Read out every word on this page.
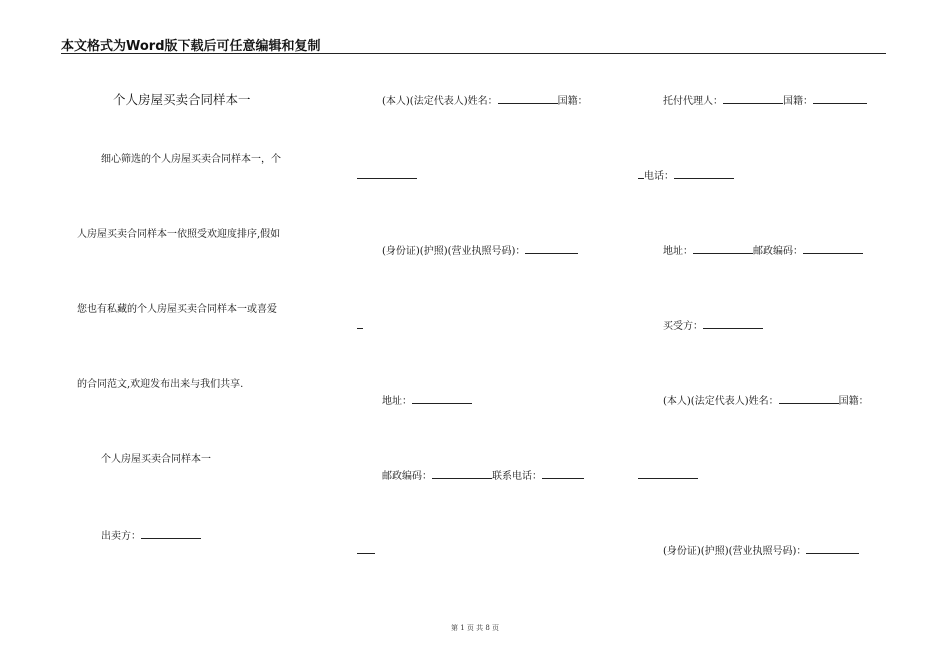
本文格式为Word版下载后可任意编辑和复制
个人房屋买卖合同样本一
细心筛选的个人房屋买卖合同样本一，个
人房屋买卖合同样本一依照受欢迎度排序,假如
您也有私藏的个人房屋买卖合同样本一或喜爱
的合同范文,欢迎发布出来与我们共享.
个人房屋买卖合同样本一
出卖方：
(本人)(法定代表人)姓名：	国籍：
(身份证)(护照)(营业执照号码)：
地址：
邮政编码：	联系电话：
托付代理人：	国籍：
电话：
地址：	邮政编码：
买受方：
(本人)(法定代表人)姓名：	国籍：
(身份证)(护照)(营业执照号码)：
第 1 页 共 8 页
